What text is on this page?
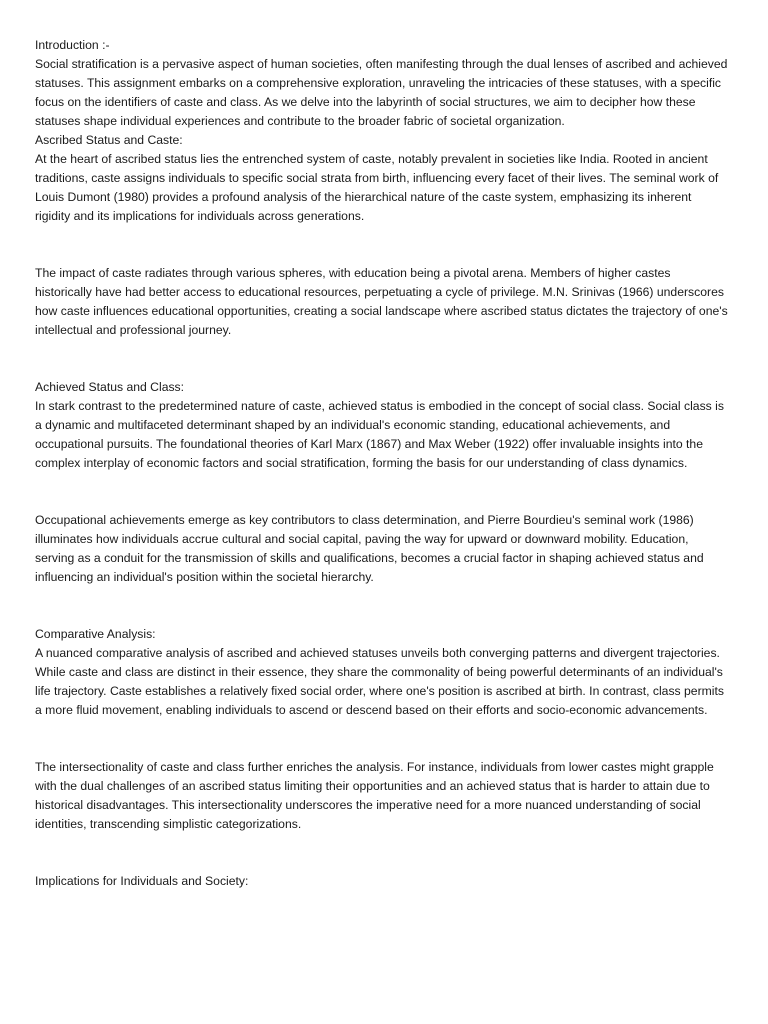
Introduction :-

Social stratification is a pervasive aspect of human societies, often manifesting through the dual lenses of ascribed and achieved statuses. This assignment embarks on a comprehensive exploration, unraveling the intricacies of these statuses, with a specific focus on the identifiers of caste and class. As we delve into the labyrinth of social structures, we aim to decipher how these statuses shape individual experiences and contribute to the broader fabric of societal organization.

Ascribed Status and Caste:

At the heart of ascribed status lies the entrenched system of caste, notably prevalent in societies like India. Rooted in ancient traditions, caste assigns individuals to specific social strata from birth, influencing every facet of their lives. The seminal work of Louis Dumont (1980) provides a profound analysis of the hierarchical nature of the caste system, emphasizing its inherent rigidity and its implications for individuals across generations.

The impact of caste radiates through various spheres, with education being a pivotal arena. Members of higher castes historically have had better access to educational resources, perpetuating a cycle of privilege. M.N. Srinivas (1966) underscores how caste influences educational opportunities, creating a social landscape where ascribed status dictates the trajectory of one's intellectual and professional journey.

Achieved Status and Class:

In stark contrast to the predetermined nature of caste, achieved status is embodied in the concept of social class. Social class is a dynamic and multifaceted determinant shaped by an individual's economic standing, educational achievements, and occupational pursuits. The foundational theories of Karl Marx (1867) and Max Weber (1922) offer invaluable insights into the complex interplay of economic factors and social stratification, forming the basis for our understanding of class dynamics.

Occupational achievements emerge as key contributors to class determination, and Pierre Bourdieu's seminal work (1986) illuminates how individuals accrue cultural and social capital, paving the way for upward or downward mobility. Education, serving as a conduit for the transmission of skills and qualifications, becomes a crucial factor in shaping achieved status and influencing an individual's position within the societal hierarchy.

Comparative Analysis:

A nuanced comparative analysis of ascribed and achieved statuses unveils both converging patterns and divergent trajectories. While caste and class are distinct in their essence, they share the commonality of being powerful determinants of an individual's life trajectory. Caste establishes a relatively fixed social order, where one's position is ascribed at birth. In contrast, class permits a more fluid movement, enabling individuals to ascend or descend based on their efforts and socio-economic advancements.

The intersectionality of caste and class further enriches the analysis. For instance, individuals from lower castes might grapple with the dual challenges of an ascribed status limiting their opportunities and an achieved status that is harder to attain due to historical disadvantages. This intersectionality underscores the imperative need for a more nuanced understanding of social identities, transcending simplistic categorizations.

Implications for Individuals and Society:
